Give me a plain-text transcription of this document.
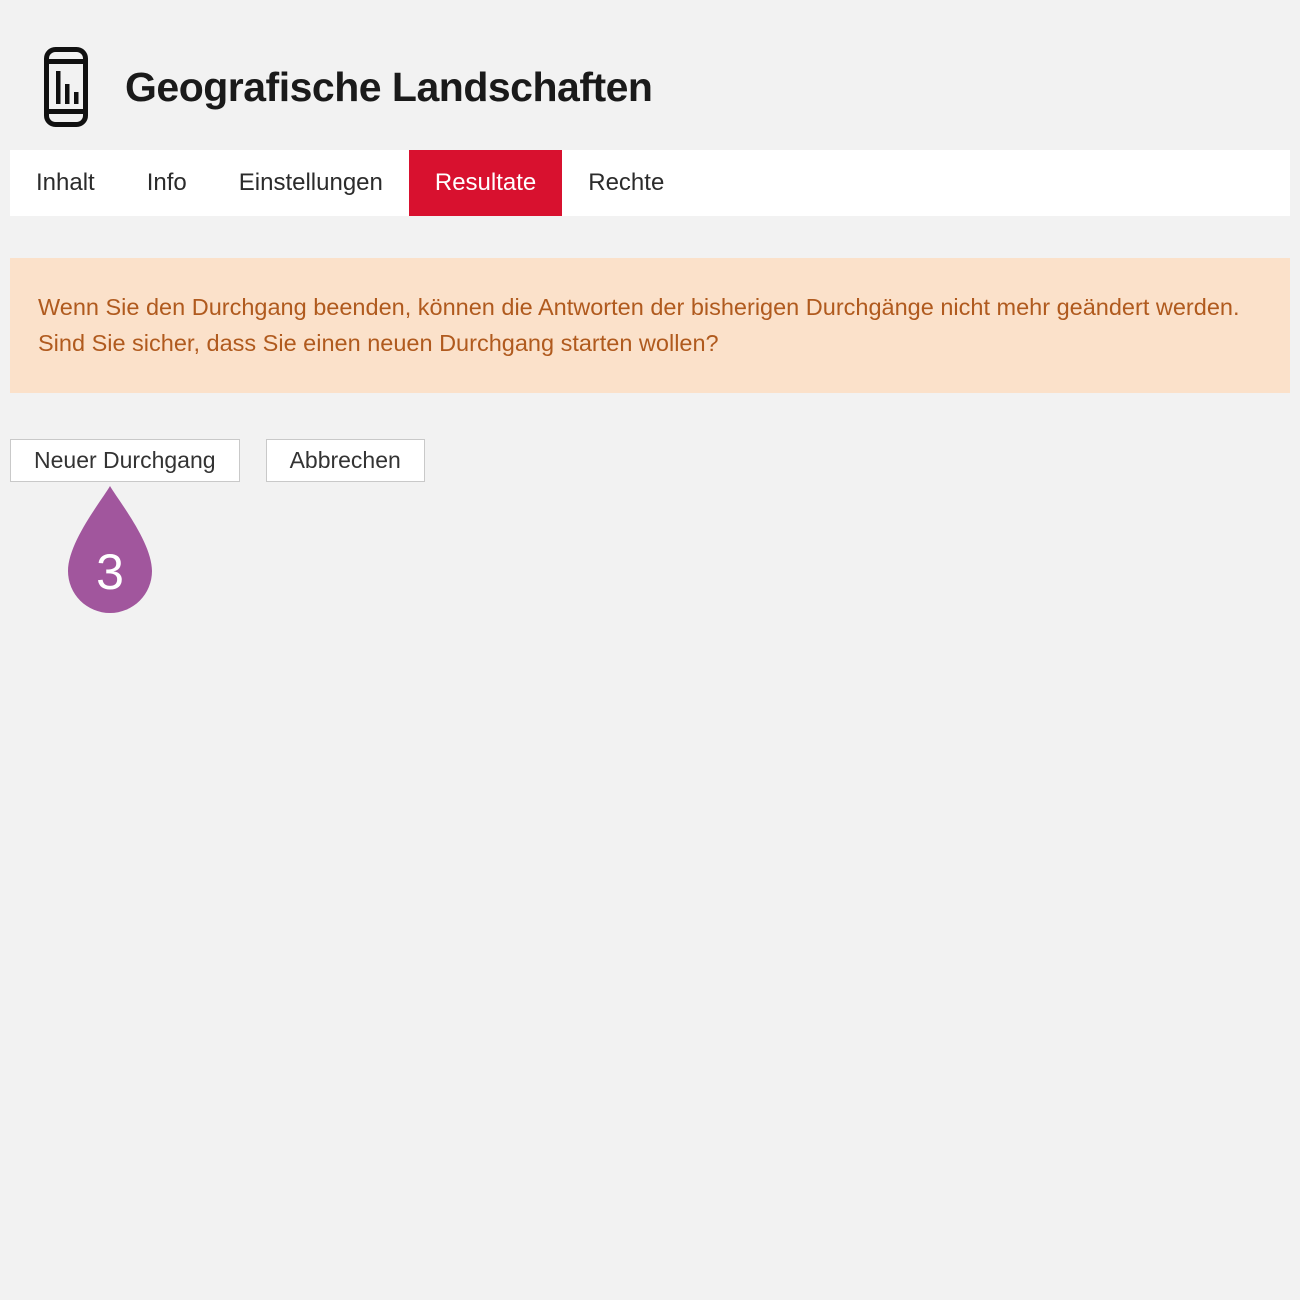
Geografische Landschaften
Inhalt	Info	Einstellungen	Resultate	Rechte
Wenn Sie den Durchgang beenden, können die Antworten der bisherigen Durchgänge nicht mehr geändert werden. Sind Sie sicher, dass Sie einen neuen Durchgang starten wollen?
Neuer Durchgang	Abbrechen
3
